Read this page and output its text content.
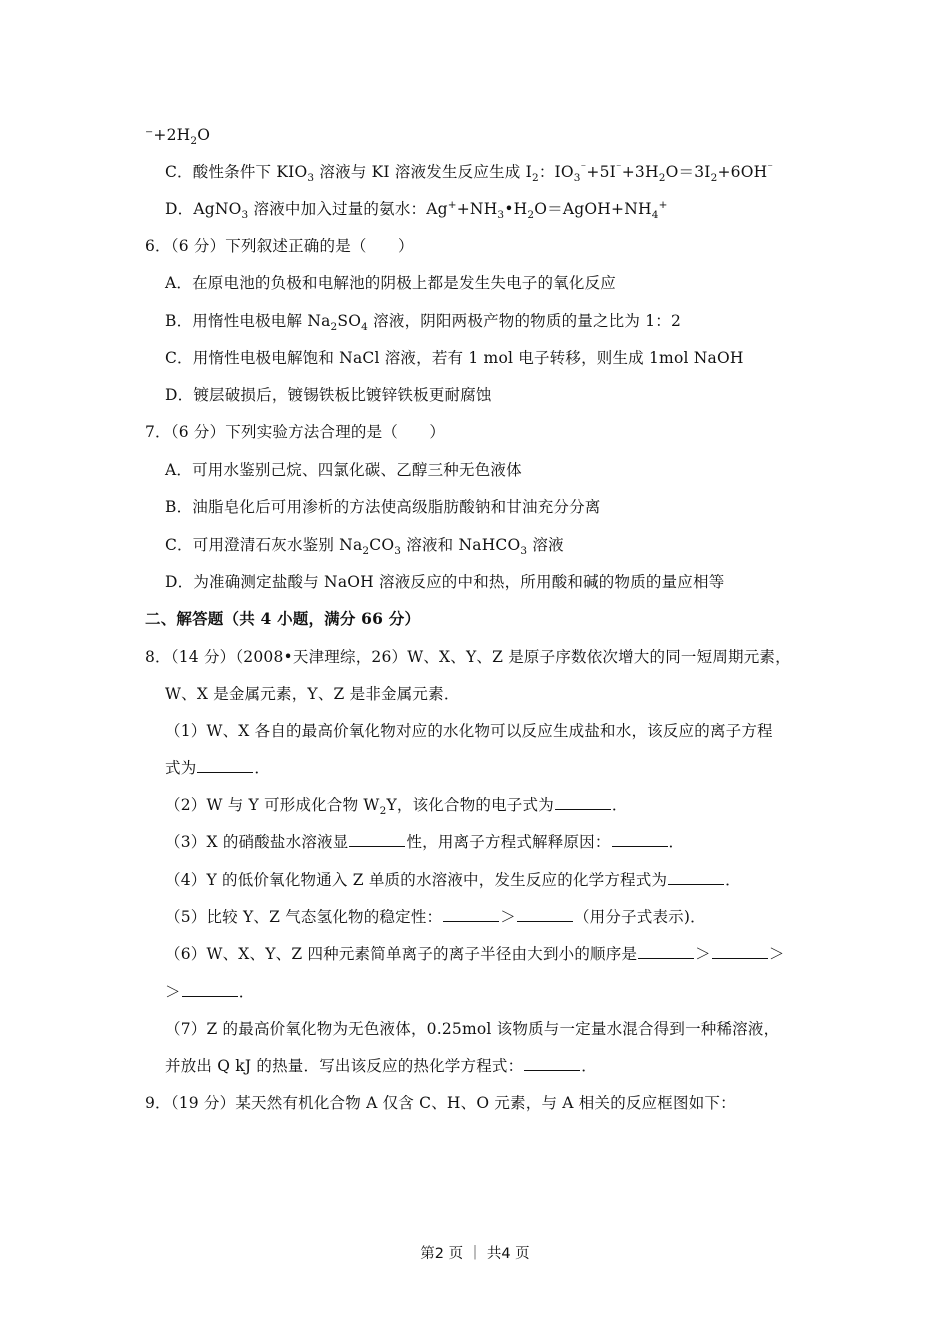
$^-+2H_2O$
C．酸性条件下 $KIO_3$ 溶液与 KI 溶液发生反应生成 $I_2$：$IO_3^{^-}+5I^{^-}+3H_2O=3I_2+6OH^{^-}$
D．AgNO$_3$ 溶液中加入过量的氨水：$Ag^++NH_3•H_2O=AgOH+NH_4^+$
6．（6 分）下列叙述正确的是（　　）
A．在原电池的负极和电解池的阴极上都是发生失电子的氧化反应
B．用惰性电极电解 $Na_2SO_4$ 溶液，阴阳两极产物的物质的量之比为 1：2
C．用惰性电极电解饱和 NaCl 溶液，若有 1 mol 电子转移，则生成 1mol NaOH
D．镀层破损后，镀锡铁板比镀锌铁板更耐腐蚀
7．（6 分）下列实验方法合理的是（　　）
A．可用水鉴别己烷、四氯化碳、乙醇三种无色液体
B．油脂皂化后可用渗析的方法使高级脂肪酸钠和甘油充分分离
C．可用澄清石灰水鉴别 $Na_2CO_3$ 溶液和 NaHCO$_3$ 溶液
D．为准确测定盐酸与 NaOH 溶液反应的中和热，所用酸和碱的物质的量应相等
二、解答题（共 4 小题，满分 66 分）
8．（14 分）（2008•天津理综，26）W、X、Y、Z 是原子序数依次增大的同一短周期元素，
W、X 是金属元素，Y、Z 是非金属元素．
（1）W、X 各自的最高价氧化物对应的水化物可以反应生成盐和水，该反应的离子方程
式为	．
（2）W 与 Y 可形成化合物 $W_2Y$，该化合物的电子式为	．
（3）X 的硝酸盐水溶液显	性，用离子方程式解释原因：	．
（4）Y 的低价氧化物通入 Z 单质的水溶液中，发生反应的化学方程式为	．
（5）比较 Y、Z 气态氢化物的稳定性：	＞	（用分子式表示)．
（6）W、X、Y、Z 四种元素简单离子的离子半径由大到小的顺序是	＞	＞
＞	．
（7）Z 的最高价氧化物为无色液体，0.25mol 该物质与一定量水混合得到一种稀溶液，
并放出 Q kJ 的热量．写出该反应的热化学方程式：	．
9．（19 分）某天然有机化合物 A 仅含 C、H、O 元素，与 A 相关的反应框图如下：
第2 页 ｜ 共4 页
